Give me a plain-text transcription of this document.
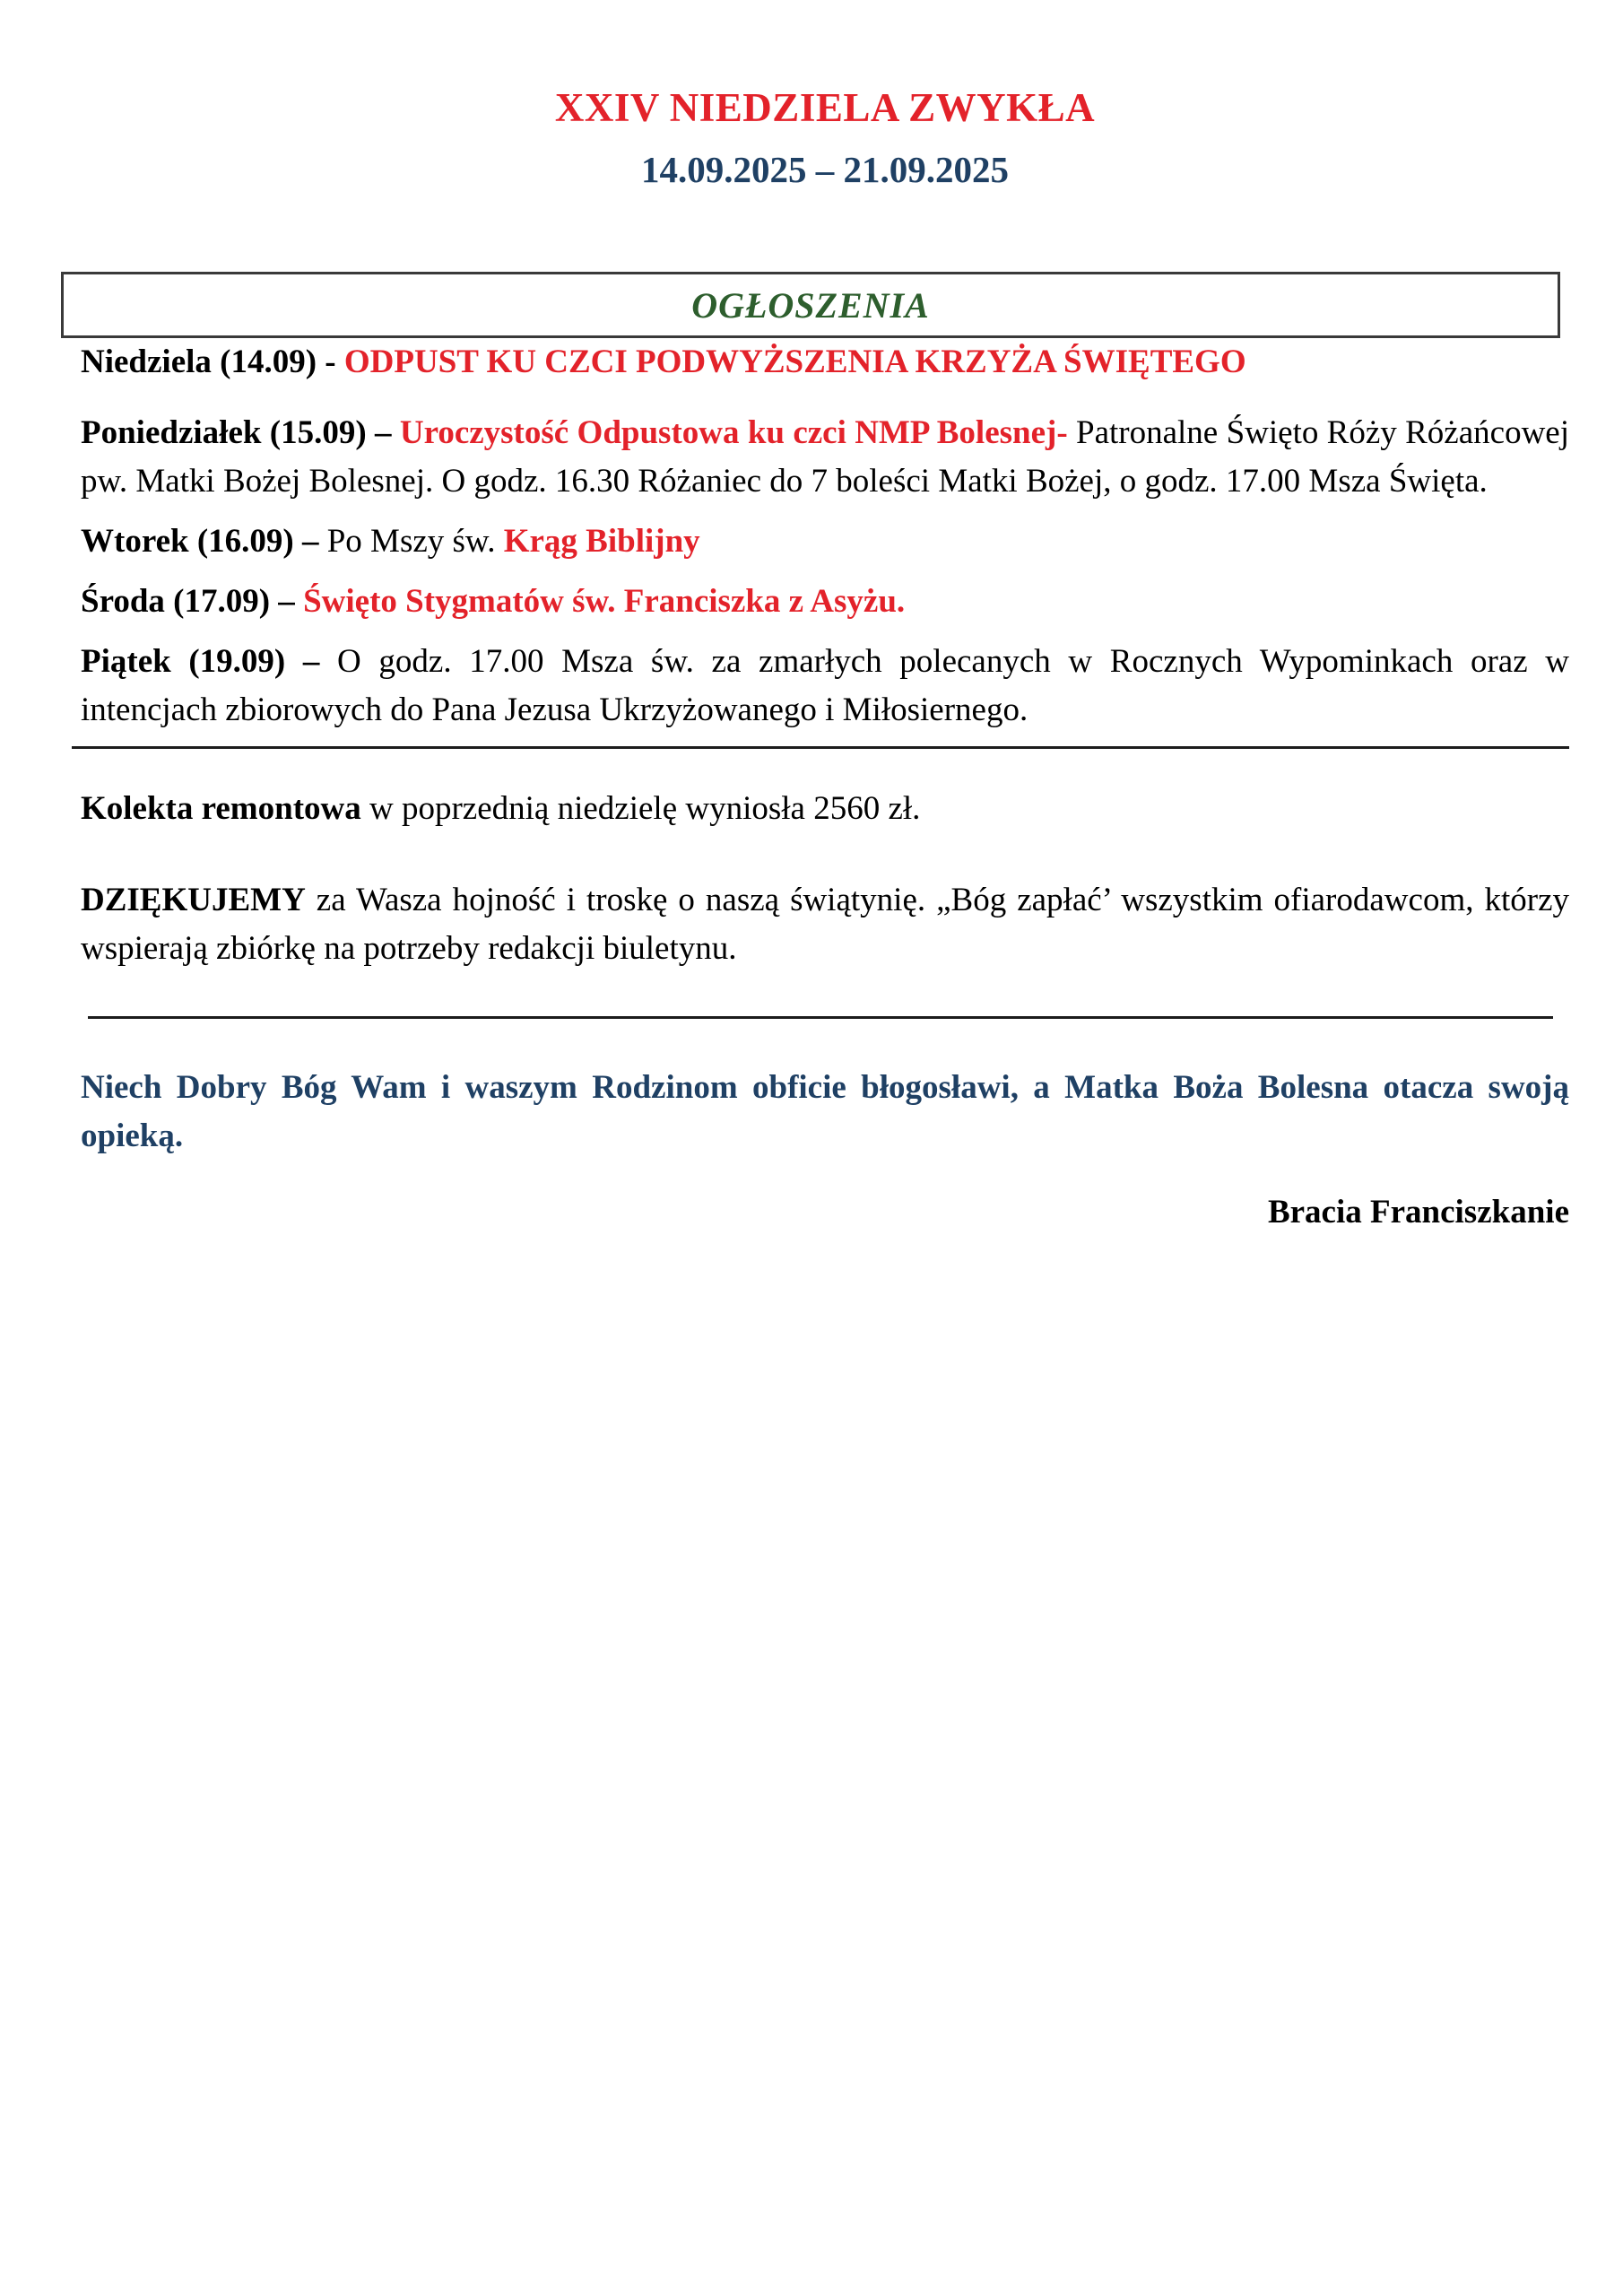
XXIV NIEDZIELA ZWYKŁA
14.09.2025 – 21.09.2025
OGŁOSZENIA

Niedziela (14.09) - ODPUST KU CZCI PODWYŻSZENIA KRZYŻA ŚWIĘTEGO

Poniedziałek (15.09) – Uroczystość Odpustowa ku czci NMP Bolesnej- Patronalne Święto Róży Różańcowej pw. Matki Bożej Bolesnej. O godz. 16.30 Różaniec do 7 boleści Matki Bożej, o godz. 17.00 Msza Święta.

Wtorek (16.09) – Po Mszy św. Krąg Biblijny

Środa (17.09) – Święto Stygmatów św. Franciszka z Asyżu.

Piątek (19.09) – O godz. 17.00 Msza św. za zmarłych polecanych w Rocznych Wypominkach oraz w intencjach zbiorowych do Pana Jezusa Ukrzyżowanego i Miłosiernego.

Kolekta remontowa w poprzednią niedzielę wyniosła 2560 zł.

DZIĘKUJEMY za Wasza hojność i troskę o naszą świątynię. „Bóg zapłać’ wszystkim ofiarodawcom, którzy wspierają zbiórkę na potrzeby redakcji biuletynu.

Niech Dobry Bóg Wam i waszym Rodzinom obficie błogosławi, a Matka Boża Bolesna otacza swoją opieką.

Bracia Franciszkanie
